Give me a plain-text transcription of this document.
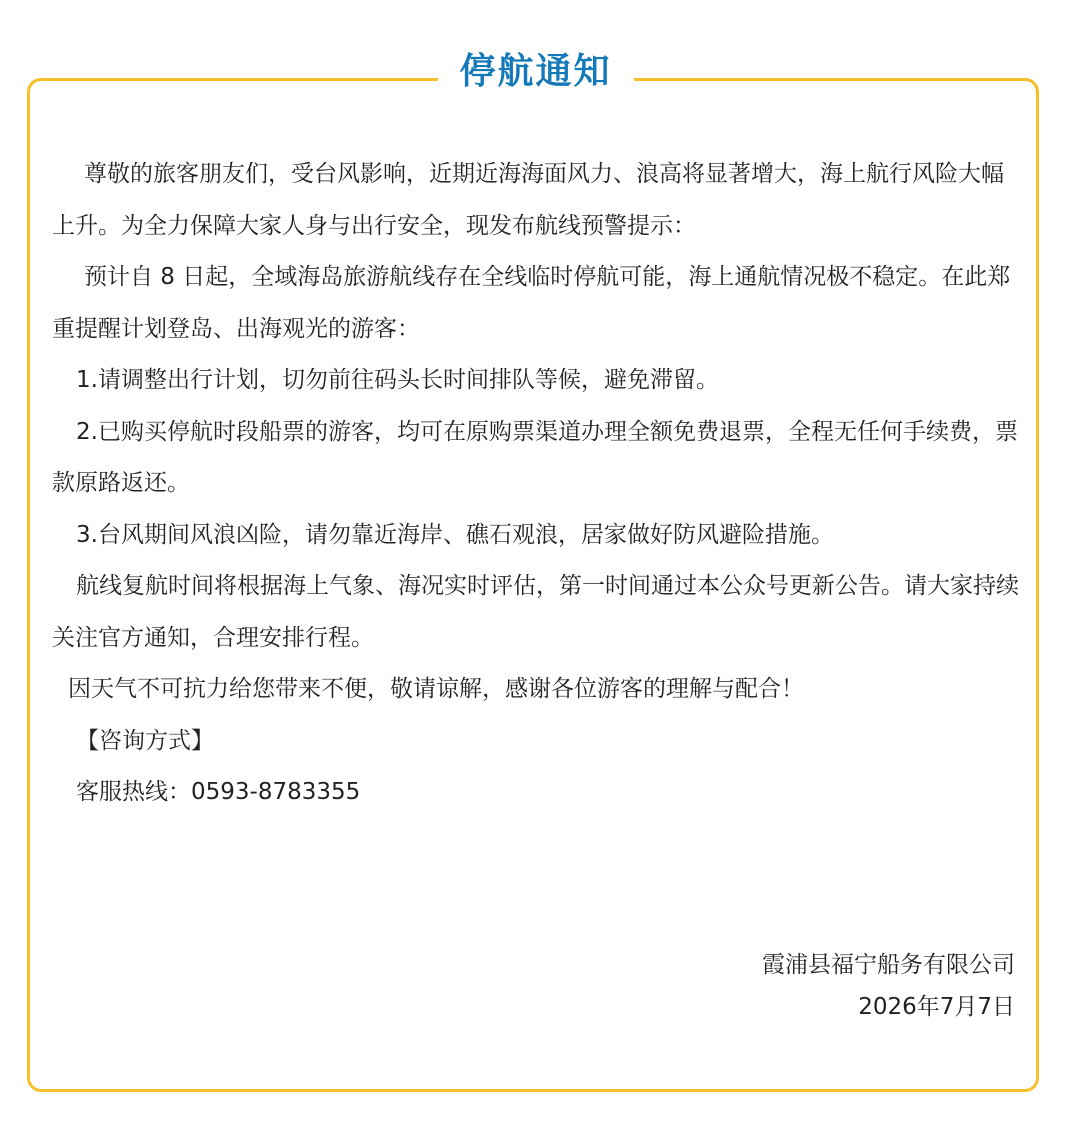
停航通知

尊敬的旅客朋友们，受台风影响，近期近海海面风力、浪高将显著增大，海上航行风险大幅上升。为全力保障大家人身与出行安全，现发布航线预警提示：

预计自 8 日起，全域海岛旅游航线存在全线临时停航可能，海上通航情况极不稳定。在此郑重提醒计划登岛、出海观光的游客：

1.请调整出行计划，切勿前往码头长时间排队等候，避免滞留。

2.已购买停航时段船票的游客，均可在原购票渠道办理全额免费退票，全程无任何手续费，票款原路返还。

3.台风期间风浪凶险，请勿靠近海岸、礁石观浪，居家做好防风避险措施。

航线复航时间将根据海上气象、海况实时评估，第一时间通过本公众号更新公告。请大家持续关注官方通知，合理安排行程。

因天气不可抗力给您带来不便，敬请谅解，感谢各位游客的理解与配合！

【咨询方式】

客服热线：0593-8783355

霞浦县福宁船务有限公司
2026年7月7日
